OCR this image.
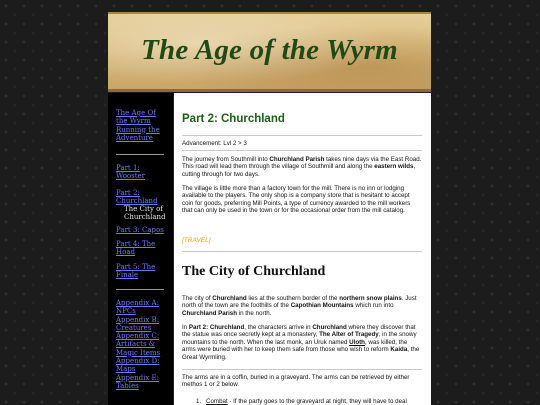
The Age of the Wyrm
The Age Of the Wyrm Running the Adventure
Part 1: Wooster
Part 2: Churchland
The City of Churchland
Part 3: Capos
Part 4: The Hoad
Part 5: The Finale
Appendix A: NPCs
Appendix B: Creatures
Appendix C: Artifacts & Magic Items
Appendix D: Maps
Appendix E: Tables
Part 2: Churchland
Advancement: Lvl 2 > 3
The journey from Southmill into Churchland Parish takes nine days via the East Road. This road will lead them through the village of Southmill and along the eastern wilds, cutting through for two days.
The village is little more than a factory town for the mill. There is no inn or lodging available to the players. The only shop is a company store that is hesitant to accept coin for goods, preferring Mill Points, a type of currency awarded to the mill workers that can only be used in the town or for the occasional order from the mill catalog.
[TRAVEL]
The City of Churchland
The city of Churchland lies at the southern border of the northern snow plains. Just north of the town are the foothills of the Capothian Mountains which run into Churchland Parish in the north.
In Part 2: Churchland, the characters arrive in Churchland where they discover that the statue was once secretly kept at a monastery, The Alter of Tragedy, in the snowy mountains to the north. When the last monk, an Uruk named Uloth, was killed, the arms were buried with her to keep them safe from those who wish to reform Kaida, the Great Wyrmling.
The arms are in a coffin, buried in a graveyard. The arms can be retrieved by either methos 1 or 2 below.
1. Combat - If the party goes to the graveyard at night, they will have to deal
